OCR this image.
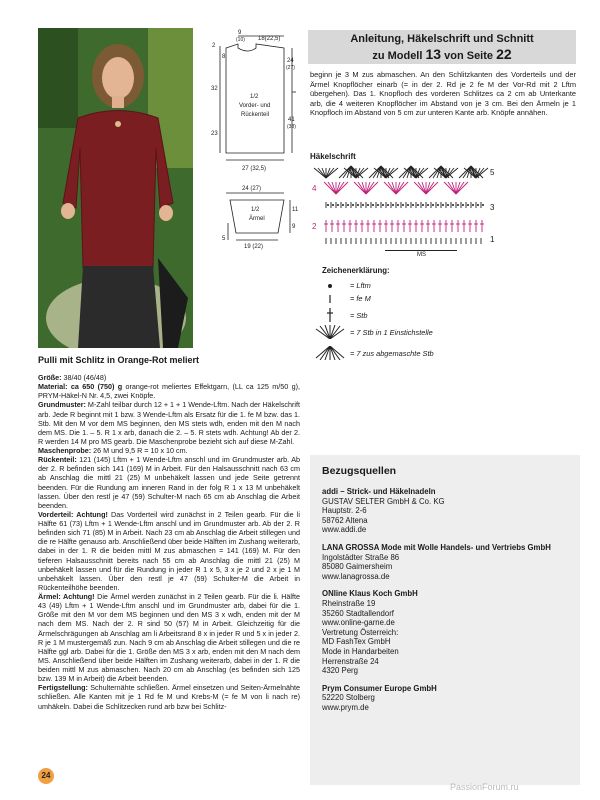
9
(10) 18(22,5)
2
8
24
(27)
32
23
1/2
Vorder- und
Rückenteil
41
(38)
27 (32,5)
24 (27)
1/2
Ärmel
11
9
5
19 (22)
Anleitung, Häkelschrift und Schnitt
zu Modell 13 von Seite 22
beginn je 3 M zus abmaschen. An den Schlitzkanten des Vorderteils und der Ärmel Knopflöcher einarb (= in der 2. Rd je 2 fe M der Vor-Rd mit 2 Lftm übergehen). Das 1. Knopfloch des vorderen Schlitzes ca 2 cm ab Unterkante arb, die 4 weiteren Knopflöcher im Abstand von je 3 cm. Bei den Ärmeln je 1 Knopfloch im Abstand von 5 cm zur unteren Kante arb. Knöpfe annähen.
Häkelschrift
5
4
3
2
1
MS
Zeichenerklärung:
= Lftm
= fe M
= Stb
= 7 Stb in 1 Einstichstelle
= 7 zus abgemaschte Stb
Pulli mit Schlitz in Orange-Rot meliert

Größe: 38/40 (46/48)

Material: ca 650 (750) g orange-rot meliertes Effektgarn, (LL ca 125 m/50 g), PRYM-Häkel-N Nr. 4,5, zwei Knöpfe.

Grundmuster: M-Zahl teilbar durch 12 + 1 + 1 Wende-Lftm. Nach der Häkelschrift arb. Jede R beginnt mit 1 bzw. 3 Wende-Lftm als Ersatz für die 1. fe M bzw. das 1. Stb. Mit den M vor dem MS beginnen, den MS stets wdh, enden mit den M nach dem MS. Die 1. – 5. R 1 x arb, danach die 2. – 5. R stets wdh. Achtung! Ab der 2. R werden 14 M pro MS gearb. Die Maschenprobe bezieht sich auf diese M-Zahl.

Maschenprobe: 26 M und 9,5 R = 10 x 10 cm.

Rückenteil: 121 (145) Lftm + 1 Wende-Lftm anschl und im Grundmuster arb. Ab der 2. R befinden sich 141 (169) M in Arbeit. Für den Halsausschnitt nach 63 cm ab Anschlag die mittl 21 (25) M unbehäkelt lassen und jede Seite getrennt beenden. Für die Rundung am inneren Rand in der folg R 1 x 13 M unbehäkelt lassen. Über den restl je 47 (59) Schulter-M nach 65 cm ab Anschlag die Arbeit beenden.

Vorderteil: Achtung! Das Vorderteil wird zunächst in 2 Teilen gearb. Für die li Hälfte 61 (73) Lftm + 1 Wende-Lftm anschl und im Grundmuster arb. Ab der 2. R befinden sich 71 (85) M in Arbeit. Nach 23 cm ab Anschlag die Arbeit stillegen und die re Hälfte genauso arb. Anschließend über beide Hälften im Zushang weiterarb, dabei in der 1. R die beiden mittl M zus abmaschen = 141 (169) M. Für den tieferen Halsausschnitt bereits nach 55 cm ab Anschlag die mittl 21 (25) M unbehäkelt lassen und für die Rundung in jeder R 1 x 5, 3 x je 2 und 2 x je 1 M unbehäkelt lassen. Über den restl je 47 (59) Schulter-M die Arbeit in Rückenteilhöhe beenden.

Ärmel: Achtung! Die Ärmel werden zunächst in 2 Teilen gearb. Für die li. Hälfte 43 (49) Lftm + 1 Wende-Lftm anschl und im Grundmuster arb, dabei für die 1. Größe mit den M vor dem MS beginnen und den MS 3 x wdh, enden mit der M nach dem MS. Nach der 2. R sind 50 (57) M in Arbeit. Gleichzeitig für die Ärmelschrägungen ab Anschlag am li Arbeitsrand 8 x in jeder R und 5 x in jeder 2. R je 1 M mustergemäß zun. Nach 9 cm ab Anschlag die Arbeit stillegen und die re Hälfte ggl arb. Dabei für die 1. Größe den MS 3 x arb, enden mit den M nach dem MS. Anschließend über beide Hälften im Zushang weiterarb, dabei in der 1. R die beiden mittl M zus abmaschen. Nach 20 cm ab Anschlag (es befinden sich 125 bzw. 139 M in Arbeit) die Arbeit beenden.

Fertigstellung: Schulternähte schließen. Ärmel einsetzen und Seiten-Ärmelnähte schließen. Alle Kanten mit je 1 Rd fe M und Krebs-M (= fe M von li nach re) umhäkeln. Dabei die Schlitzecken rund arb bzw bei Schlitz-

Bezugsquellen
addi – Strick- und Häkelnadeln
GUSTAV SELTER GmbH & Co. KG
Hauptstr. 2-6
58762 Altena
www.addi.de
LANA GROSSA Mode mit Wolle Handels- und Vertriebs GmbH
Ingolstädter Straße 86
85080 Gaimersheim
www.lanagrossa.de
ONline Klaus Koch GmbH
Rheinstraße 19
35260 Stadtallendorf
www.online-garne.de
Vertretung Österreich:
MD FashTex GmbH
Mode in Handarbeiten
Herrenstraße 24
4320 Perg
Prym Consumer Europe GmbH
52220 Stolberg
www.prym.de
24
PassionForum.ru
